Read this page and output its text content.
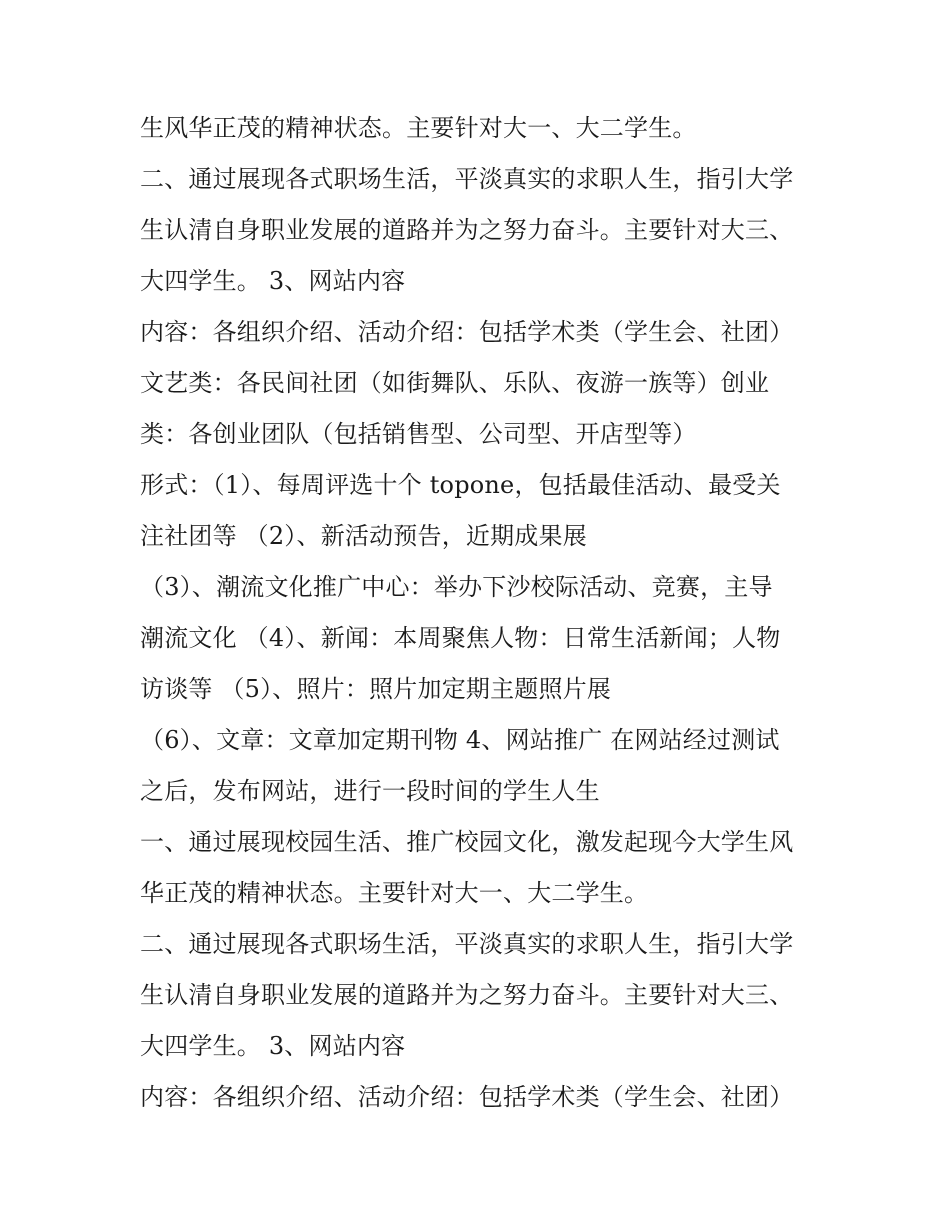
生风华正茂的精神状态。主要针对大一、大二学生。
二、通过展现各式职场生活，平淡真实的求职人生，指引大学
生认清自身职业发展的道路并为之努力奋斗。主要针对大三、
大四学生。 3、网站内容
内容：各组织介绍、活动介绍：包括学术类（学生会、社团）
文艺类：各民间社团（如街舞队、乐队、夜游一族等）创业
类：各创业团队（包括销售型、公司型、开店型等）
形式：（1）、每周评选十个 topone，包括最佳活动、最受关
注社团等 （2）、新活动预告，近期成果展
（3）、潮流文化推广中心：举办下沙校际活动、竞赛，主导
潮流文化 （4）、新闻：本周聚焦人物：日常生活新闻；人物
访谈等 （5）、照片：照片加定期主题照片展
（6）、文章：文章加定期刊物 4、网站推广 在网站经过测试
之后，发布网站，进行一段时间的学生人生
一、通过展现校园生活、推广校园文化，激发起现今大学生风
华正茂的精神状态。主要针对大一、大二学生。
二、通过展现各式职场生活，平淡真实的求职人生，指引大学
生认清自身职业发展的道路并为之努力奋斗。主要针对大三、
大四学生。 3、网站内容
内容：各组织介绍、活动介绍：包括学术类（学生会、社团）
